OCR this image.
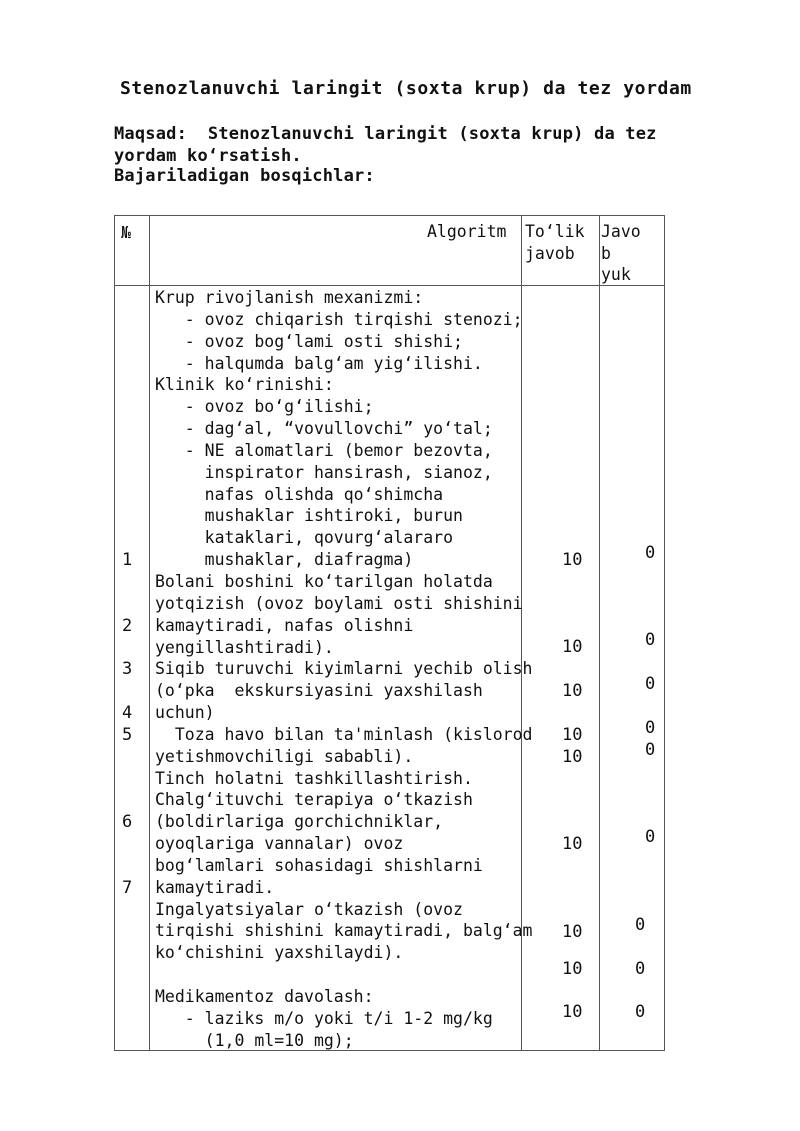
Stenozlanuvchi laringit (soxta krup) da tez yordam
Maqsad:  Stenozlanuvchi laringit (soxta krup) da tez
yordam ko‘rsatish.
Bajariladigan bosqichlar:
№	Algoritm To‘lik
javob
Javo
b
yuk
Krup rivojlanish mexanizmi:
- ovoz chiqarish tirqishi stenozi;
- ovoz bog‘lami osti shishi;
- halqumda balg‘am yig‘ilishi.
Klinik ko‘rinishi:
- ovoz bo‘g‘ilishi;
- dag‘al, “vovullovchi” yo‘tal;
- NE alomatlari (bemor bezovta,
inspirator hansirash, sianoz,
nafas olishda qo‘shimcha
mushaklar ishtiroki, burun
kataklari, qovurg‘alararo
mushaklar, diafragma)
Bolani boshini ko‘tarilgan holatda
yotqizish (ovoz boylami osti shishini
kamaytiradi, nafas olishni
yengillashtiradi).
Siqib turuvchi kiyimlarni yechib olish
(o‘pka  ekskursiyasini yaxshilash
uchun)
Toza havo bilan ta'minlash (kislorod
yetishmovchiligi sababli).
Tinch holatni tashkillashtirish.
Chalg‘ituvchi terapiya o‘tkazish
(boldirlariga gorchichniklar,
oyoqlariga vannalar) ovoz
bog‘lamlari sohasidagi shishlarni
kamaytiradi.
Ingalyatsiyalar o‘tkazish (ovoz
tirqishi shishini kamaytiradi, balg‘am
ko‘chishini yaxshilaydi).

Medikamentoz davolash:
- laziks m/o yoki t/i 1-2 mg/kg
(1,0 ml=10 mg);
1
2
3
4
5
6
7
10
10
10
10
10
10
10
10
10
0
0
0
0
0
0
0
0
0
